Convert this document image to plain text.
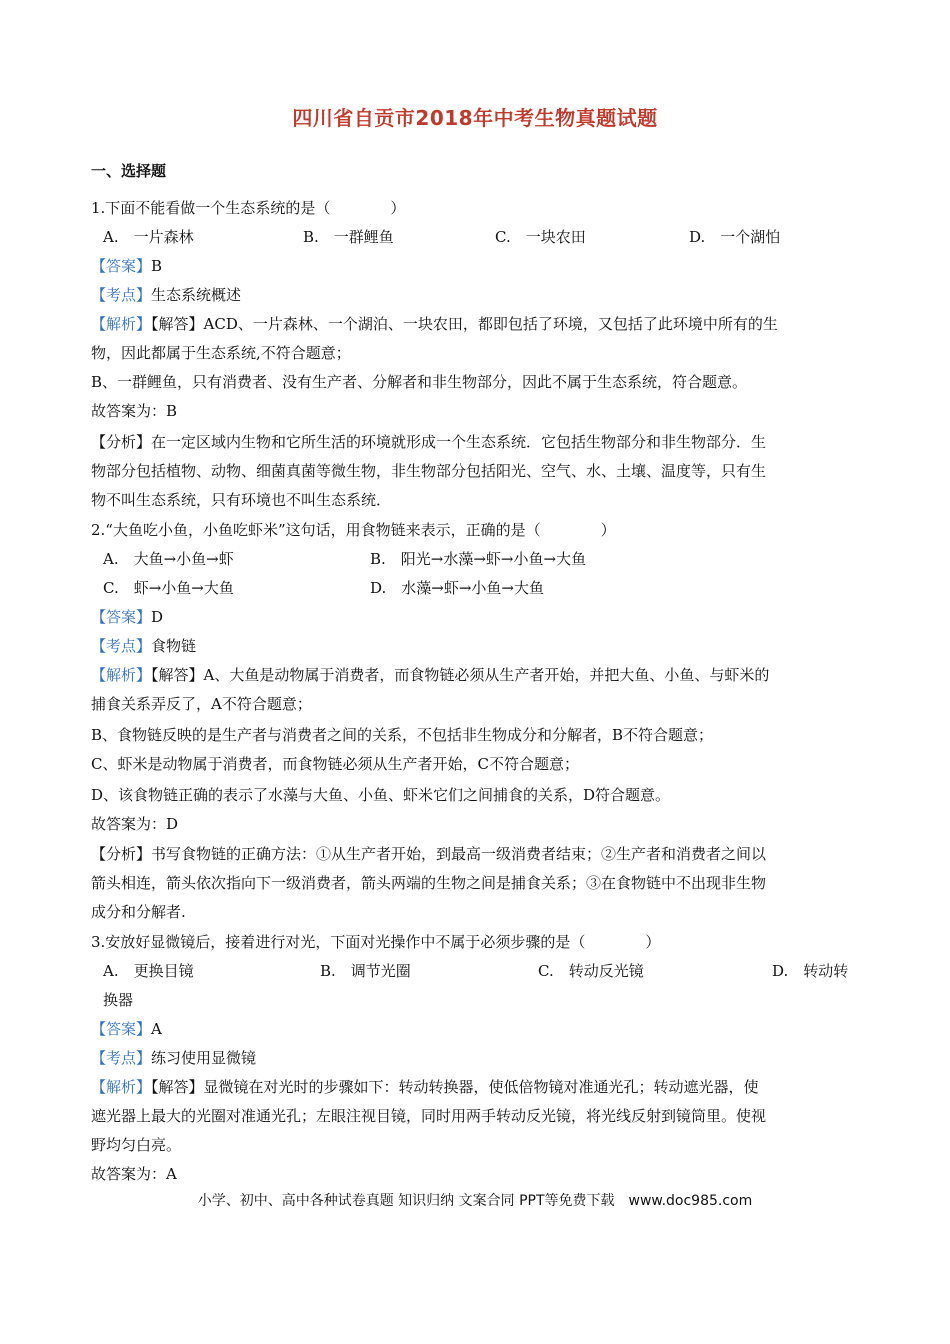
四川省自贡市2018年中考生物真题试题
一、选择题
1.下面不能看做一个生态系统的是（　　　　）
A.　一片森林	B.　一群鲤鱼	C.　一块农田	D.　一个湖怕
【答案】B
【考点】生态系统概述
【解析】【解答】ACD、一片森林、一个湖泊、一块农田，都即包括了环境，又包括了此环境中所有的生
物，因此都属于生态系统,不符合题意；
B、一群鲤鱼，只有消费者、没有生产者、分解者和非生物部分，因此不属于生态系统，符合题意。
故答案为：B
【分析】在一定区域内生物和它所生活的环境就形成一个生态系统．它包括生物部分和非生物部分．生
物部分包括植物、动物、细菌真菌等微生物，非生物部分包括阳光、空气、水、土壤、温度等，只有生
物不叫生态系统，只有环境也不叫生态系统．
2.“大鱼吃小鱼，小鱼吃虾米”这句话，用食物链来表示，正确的是（　　　　）
A.　大鱼→小鱼→虾	B.　阳光→水藻→虾→小鱼→大鱼
C.　虾→小鱼→大鱼	D.　水藻→虾→小鱼→大鱼
【答案】D
【考点】食物链
【解析】【解答】A、大鱼是动物属于消费者，而食物链必须从生产者开始，并把大鱼、小鱼、与虾米的
捕食关系弄反了，A不符合题意；
B、食物链反映的是生产者与消费者之间的关系，不包括非生物成分和分解者，B不符合题意；
C、虾米是动物属于消费者，而食物链必须从生产者开始，C不符合题意；
D、该食物链正确的表示了水藻与大鱼、小鱼、虾米它们之间捕食的关系，D符合题意。
故答案为：D
【分析】书写食物链的正确方法：①从生产者开始，到最高一级消费者结束；②生产者和消费者之间以
箭头相连，箭头依次指向下一级消费者，箭头两端的生物之间是捕食关系；③在食物链中不出现非生物
成分和分解者.
3.安放好显微镜后，接着进行对光，下面对光操作中不属于必须步骤的是（　　　　）
A.　更换目镜	B.　调节光圈	C.　转动反光镜	D.　转动转
换器
【答案】A
【考点】练习使用显微镜
【解析】【解答】显微镜在对光时的步骤如下：转动转换器，使低倍物镜对准通光孔；转动遮光器，使
遮光器上最大的光圈对准通光孔；左眼注视目镜，同时用两手转动反光镜，将光线反射到镜筒里。使视
野均匀白亮。
故答案为：A
小学、初中、高中各种试卷真题 知识归纳 文案合同 PPT等免费下载　www.doc985.com
